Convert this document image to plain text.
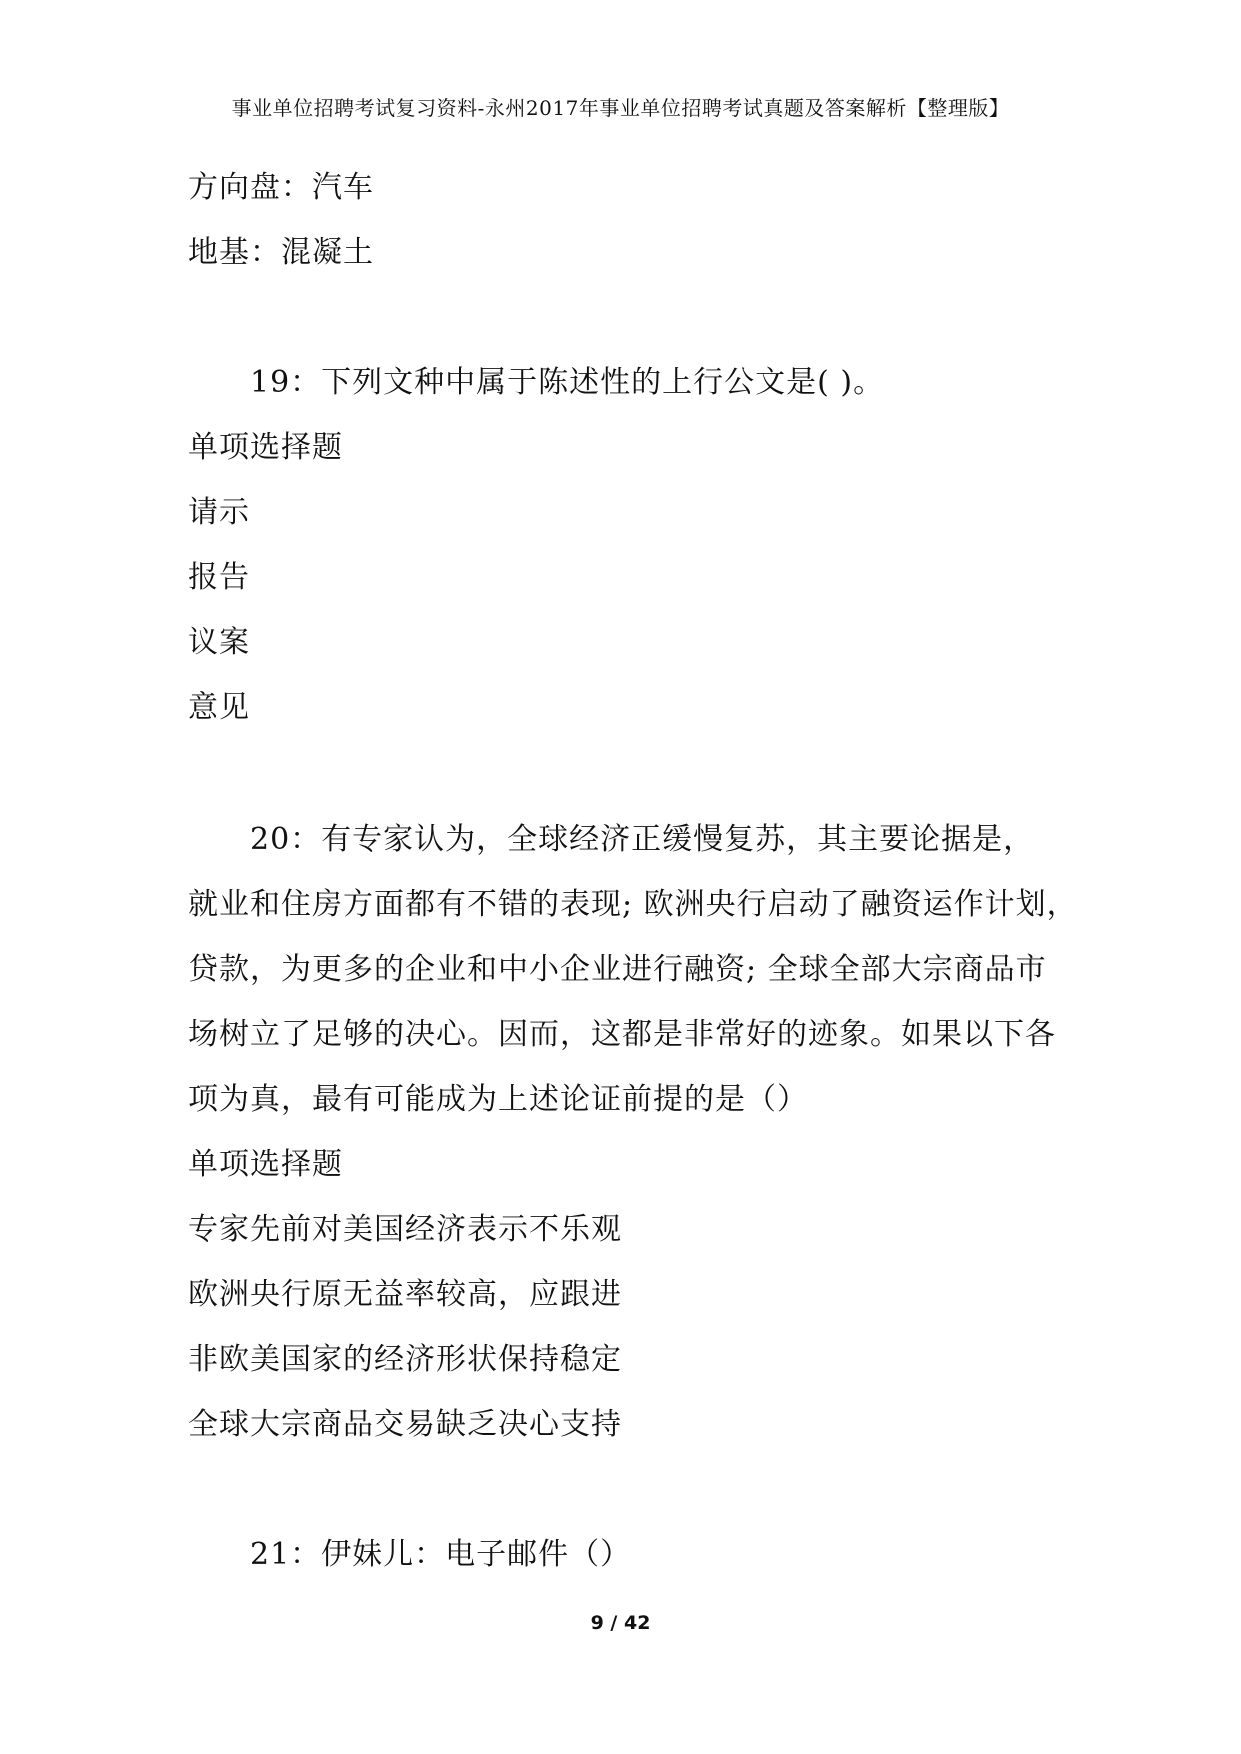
事业单位招聘考试复习资料-永州2017年事业单位招聘考试真题及答案解析【整理版】
方向盘：汽车
地基：混凝土
19：下列文种中属于陈述性的上行公文是( )。
单项选择题
请示
报告
议案
意见
20：有专家认为，全球经济正缓慢复苏，其主要论据是，
就业和住房方面都有不错的表现; 欧洲央行启动了融资运作计划，
贷款，为更多的企业和中小企业进行融资; 全球全部大宗商品市
场树立了足够的决心。因而，这都是非常好的迹象。如果以下各
项为真，最有可能成为上述论证前提的是（）
单项选择题
专家先前对美国经济表示不乐观
欧洲央行原无益率较高，应跟进
非欧美国家的经济形状保持稳定
全球大宗商品交易缺乏决心支持
21：伊妹儿：电子邮件（）
9 / 42
